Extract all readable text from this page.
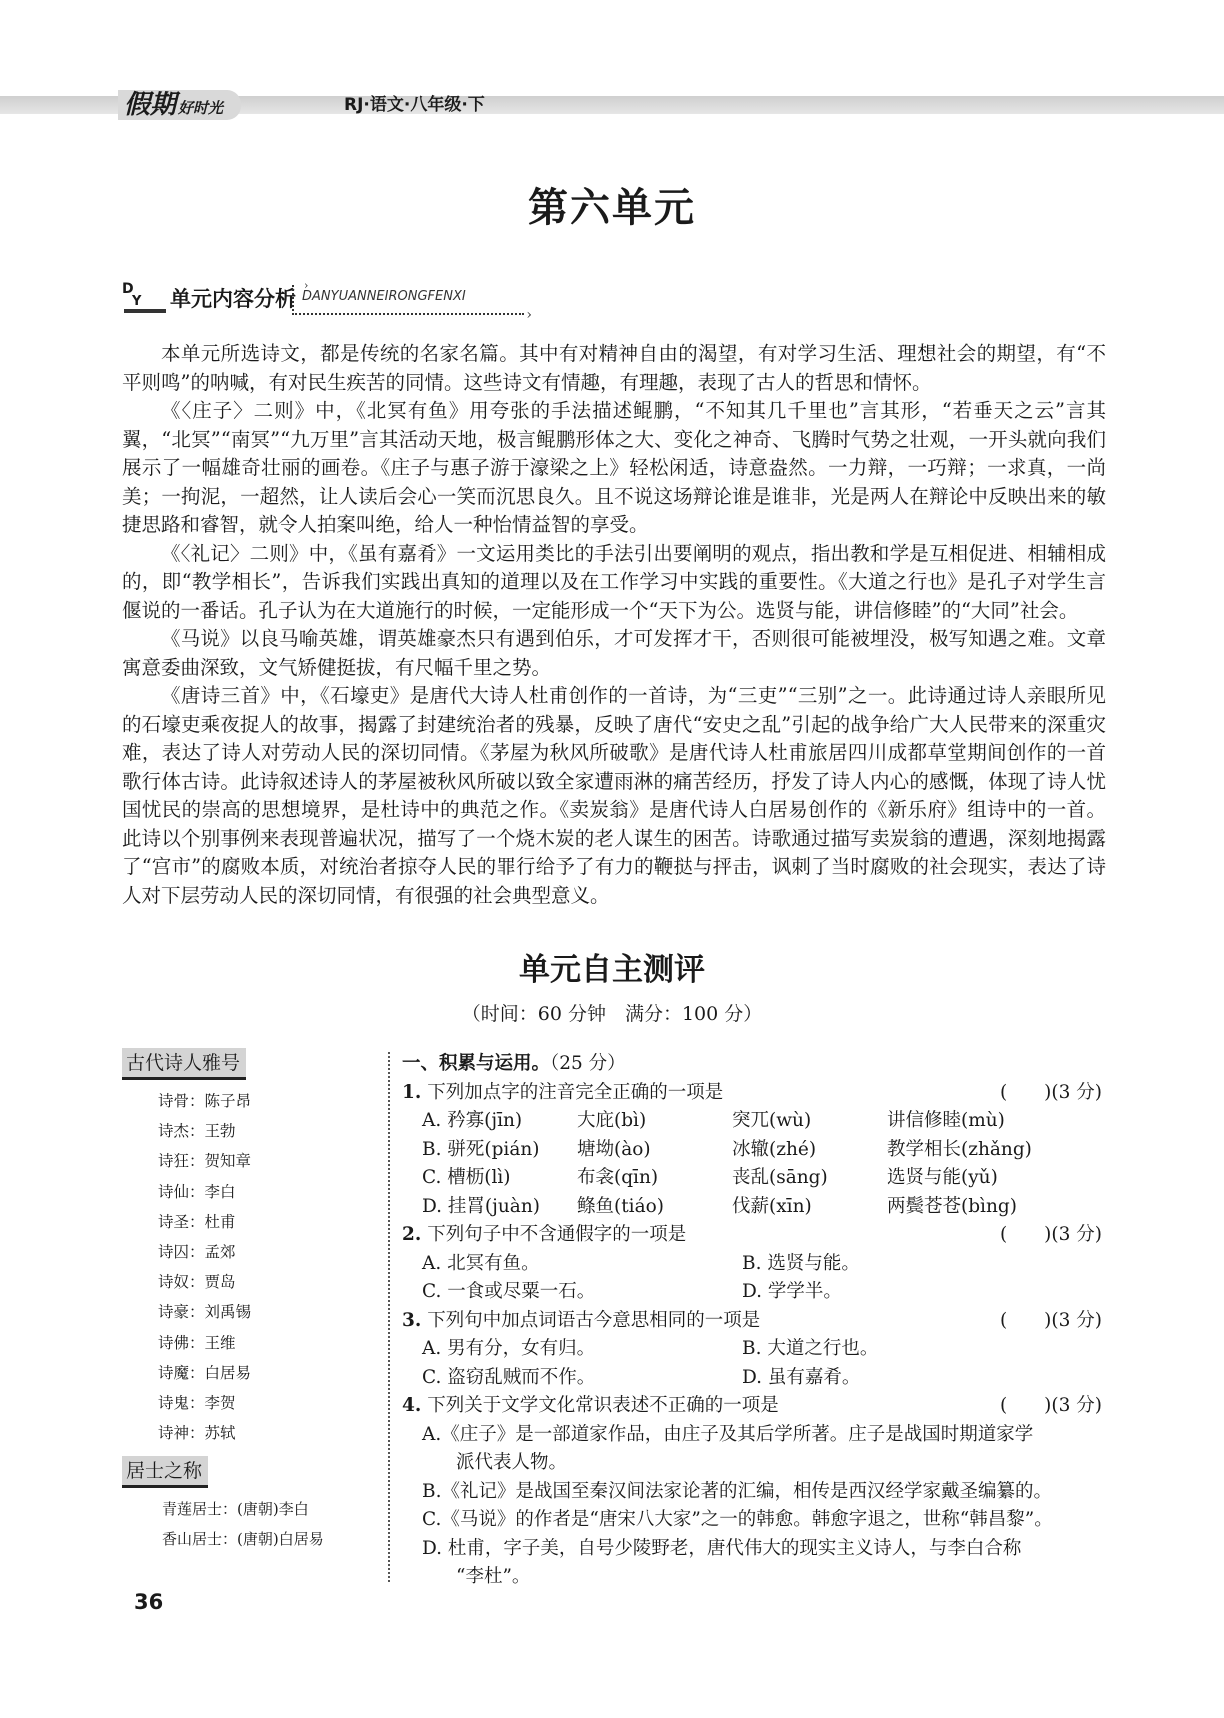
假期 好时光	RJ·语文·八年级·下
第六单元
D
Y 单元内容分析
› › DANYUANNEIRONGFENXI

本单元所选诗文，都是传统的名家名篇。其中有对精神自由的渴望，有对学习生活、理想社会的期望，有“不平则鸣”的呐喊，有对民生疾苦的同情。这些诗文有情趣，有理趣，表现了古人的哲思和情怀。

《〈庄子〉二则》中，《北冥有鱼》用夸张的手法描述鲲鹏，“不知其几千里也”言其形，“若垂天之云”言其翼，“北冥”“南冥”“九万里”言其活动天地，极言鲲鹏形体之大、变化之神奇、飞腾时气势之壮观，一开头就向我们展示了一幅雄奇壮丽的画卷。《庄子与惠子游于濠梁之上》轻松闲适，诗意盎然。一力辩，一巧辩；一求真，一尚美；一拘泥，一超然，让人读后会心一笑而沉思良久。且不说这场辩论谁是谁非，光是两人在辩论中反映出来的敏捷思路和睿智，就令人拍案叫绝，给人一种怡情益智的享受。

《〈礼记〉二则》中，《虽有嘉肴》一文运用类比的手法引出要阐明的观点，指出教和学是互相促进、相辅相成的，即“教学相长”，告诉我们实践出真知的道理以及在工作学习中实践的重要性。《大道之行也》是孔子对学生言偃说的一番话。孔子认为在大道施行的时候，一定能形成一个“天下为公。选贤与能，讲信修睦”的“大同”社会。

《马说》以良马喻英雄，谓英雄豪杰只有遇到伯乐，才可发挥才干，否则很可能被埋没，极写知遇之难。文章寓意委曲深致，文气矫健挺拔，有尺幅千里之势。

《唐诗三首》中，《石壕吏》是唐代大诗人杜甫创作的一首诗，为“三吏”“三别”之一。此诗通过诗人亲眼所见的石壕吏乘夜捉人的故事，揭露了封建统治者的残暴，反映了唐代“安史之乱”引起的战争给广大人民带来的深重灾难，表达了诗人对劳动人民的深切同情。《茅屋为秋风所破歌》是唐代诗人杜甫旅居四川成都草堂期间创作的一首歌行体古诗。此诗叙述诗人的茅屋被秋风所破以致全家遭雨淋的痛苦经历，抒发了诗人内心的感慨，体现了诗人忧国忧民的崇高的思想境界，是杜诗中的典范之作。《卖炭翁》是唐代诗人白居易创作的《新乐府》组诗中的一首。此诗以个别事例来表现普遍状况，描写了一个烧木炭的老人谋生的困苦。诗歌通过描写卖炭翁的遭遇，深刻地揭露了“宫市”的腐败本质，对统治者掠夺人民的罪行给予了有力的鞭挞与抨击，讽刺了当时腐败的社会现实，表达了诗人对下层劳动人民的深切同情，有很强的社会典型意义。

单元自主测评
（时间：60 分钟　满分：100 分）
古代诗人雅号
诗骨：陈子昂
诗杰：王勃
诗狂：贺知章
诗仙：李白
诗圣：杜甫
诗囚：孟郊
诗奴：贾岛
诗豪：刘禹锡
诗佛：王维
诗魔：白居易
诗鬼：李贺
诗神：苏轼
居士之称
青莲居士：(唐朝)李白
香山居士：(唐朝)白居易
一、积累与运用。（25 分）
1. 下列加点字的注音完全正确的一项是	(　　)(3 分)
A. 矜寡(jīn)	大庇(bì)	突兀(wù)	讲信修睦(mù)
B. 骈死(pián)	塘坳(ào)	冰辙(zhé)	教学相长(zhǎng)
C. 槽枥(lì)	布衾(qīn)	丧乱(sāng)	选贤与能(yǔ)
D. 挂罥(juàn)	鲦鱼(tiáo)	伐薪(xīn)	两鬓苍苍(bìng)
2. 下列句子中不含通假字的一项是	(　　)(3 分)
A. 北冥有鱼。	B. 选贤与能。
C. 一食或尽粟一石。	D. 学学半。
3. 下列句中加点词语古今意思相同的一项是	(　　)(3 分)
A. 男有分，女有归。	B. 大道之行也。
C. 盗窃乱贼而不作。	D. 虽有嘉肴。
4. 下列关于文学文化常识表述不正确的一项是	(　　)(3 分)
A.《庄子》是一部道家作品，由庄子及其后学所著。庄子是战国时期道家学
派代表人物。
B.《礼记》是战国至秦汉间法家论著的汇编，相传是西汉经学家戴圣编纂的。
C.《马说》的作者是“唐宋八大家”之一的韩愈。韩愈字退之，世称“韩昌黎”。
D. 杜甫，字子美，自号少陵野老，唐代伟大的现实主义诗人，与李白合称
“李杜”。
36
